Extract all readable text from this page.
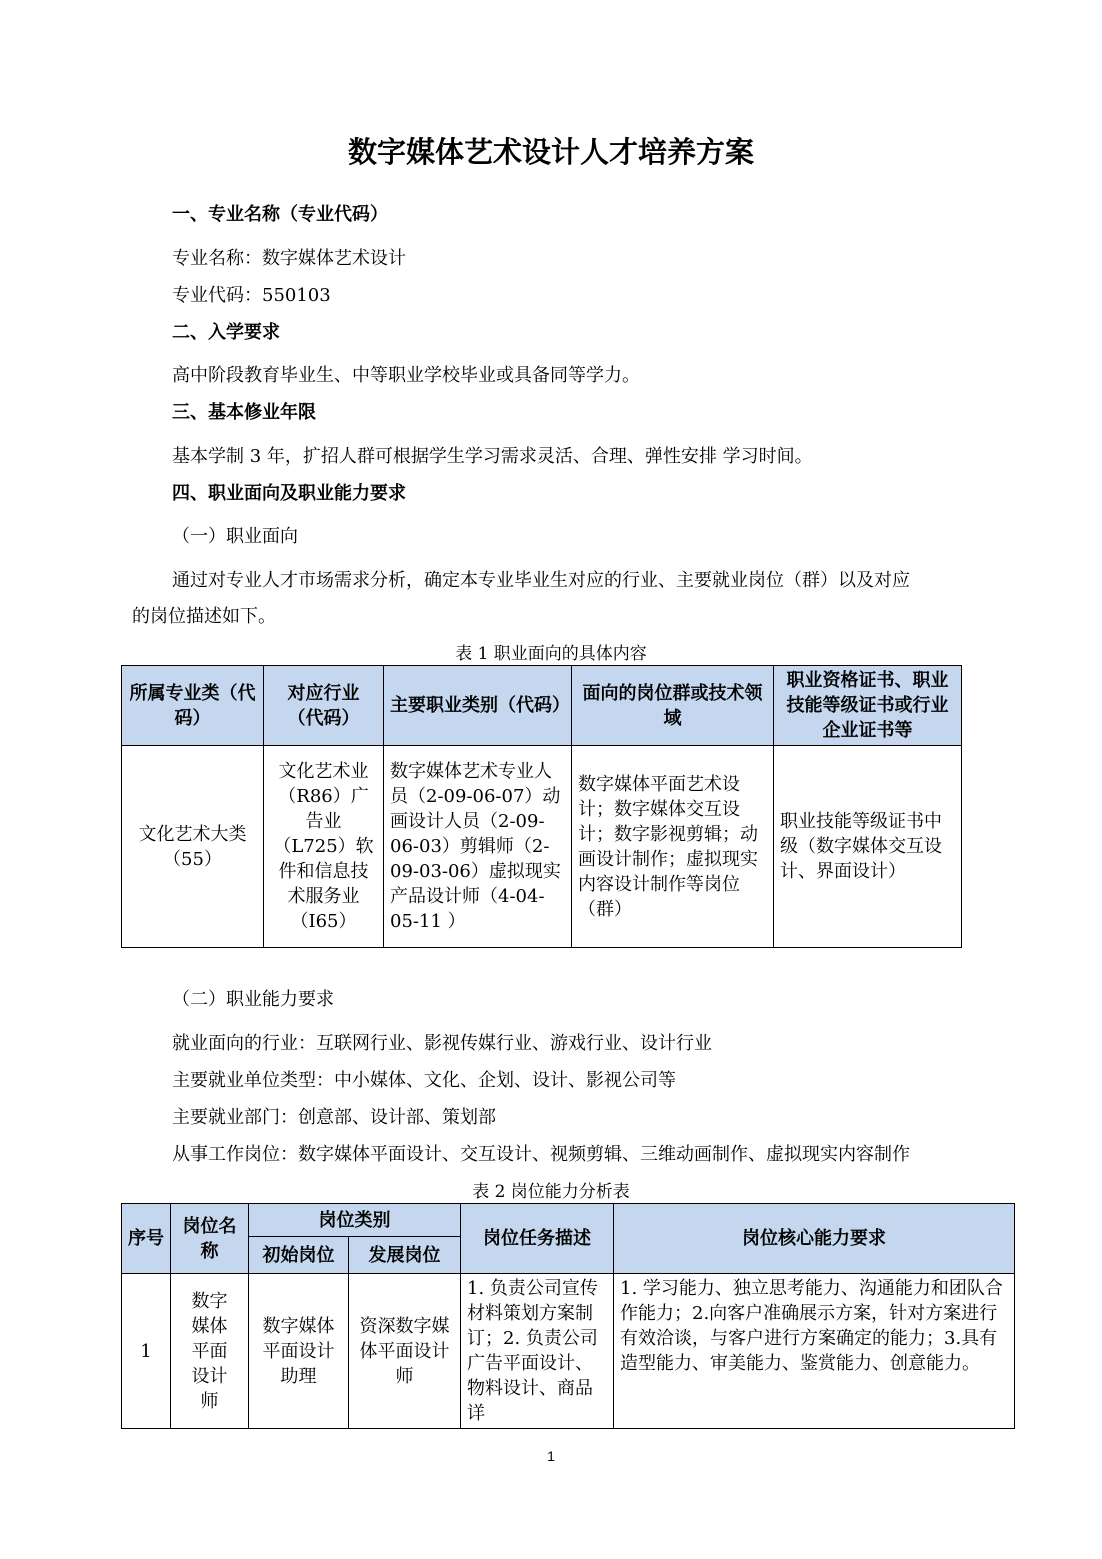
数字媒体艺术设计人才培养方案
一、专业名称（专业代码）
专业名称：数字媒体艺术设计
专业代码：550103
二、入学要求
高中阶段教育毕业生、中等职业学校毕业或具备同等学力。
三、基本修业年限
基本学制 3 年，扩招人群可根据学生学习需求灵活、合理、弹性安排 学习时间。
四、职业面向及职业能力要求
（一）职业面向
通过对专业人才市场需求分析，确定本专业毕业生对应的行业、主要就业岗位（群）以及对应
的岗位描述如下。
表 1 职业面向的具体内容
所属专业类（代码）	对应行业（代码）	主要职业类别（代码）	面向的岗位群或技术领域	职业资格证书、职业技能等级证书或行业企业证书等
文化艺术大类（55）	文化艺术业（R86）广告业（L725）软件和信息技术服务业（I65）	数字媒体艺术专业人员（2-09-06-07）动画设计人员（2-09-06-03）剪辑师（2-09-03-06）虚拟现实产品设计师（4-04-05-11 ）	数字媒体平面艺术设计；数字媒体交互设计；数字影视剪辑；动画设计制作；虚拟现实内容设计制作等岗位（群）	职业技能等级证书中级（数字媒体交互设计、界面设计）
（二）职业能力要求
就业面向的行业：互联网行业、影视传媒行业、游戏行业、设计行业
主要就业单位类型：中小媒体、文化、企划、设计、影视公司等
主要就业部门：创意部、设计部、策划部
从事工作岗位：数字媒体平面设计、交互设计、视频剪辑、三维动画制作、虚拟现实内容制作
表 2 岗位能力分析表
序号	岗位名称	岗位类别		岗位任务描述	岗位核心能力要求
		初始岗位	发展岗位		
1	数字媒体平面设计师	数字媒体平面设计助理	资深数字媒体平面设计师	1. 负责公司宣传材料策划方案制订；2. 负责公司广告平面设计、物料设计、商品详	1. 学习能力、独立思考能力、沟通能力和团队合作能力；2.向客户准确展示方案，针对方案进行有效洽谈，与客户进行方案确定的能力；3.具有造型能力、审美能力、鉴赏能力、创意能力。
1
